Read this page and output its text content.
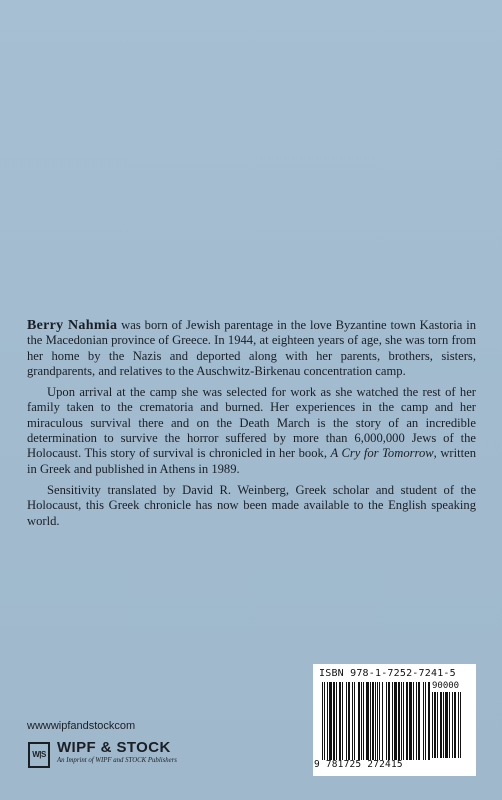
Berry Nahmia was born of Jewish parentage in the love Byzantine town Kastoria in the Macedonian province of Greece. In 1944, at eighteen years of age, she was torn from her home by the Nazis and deported along with her parents, brothers, sisters, grandparents, and relatives to the Auschwitz-Birkenau concentration camp.

Upon arrival at the camp she was selected for work as she watched the rest of her family taken to the crematoria and burned. Her experiences in the camp and her miraculous survival there and on the Death March is the story of an incredible determination to survive the horror suffered by more than 6,000,000 Jews of the Holocaust. This story of survival is chronicled in her book, A Cry for Tomorrow, written in Greek and published in Athens in 1989.

Sensitivity translated by David R. Weinberg, Greek scholar and student of the Holocaust, this Greek chronicle has now been made available to the English speaking world.

ISBN 978-1-7252-7241-5
90000
9 781725 272415
wwwwipfandstockcom
W|S WIPF & STOCK
An Imprint of WIPF and STOCK Publishers
